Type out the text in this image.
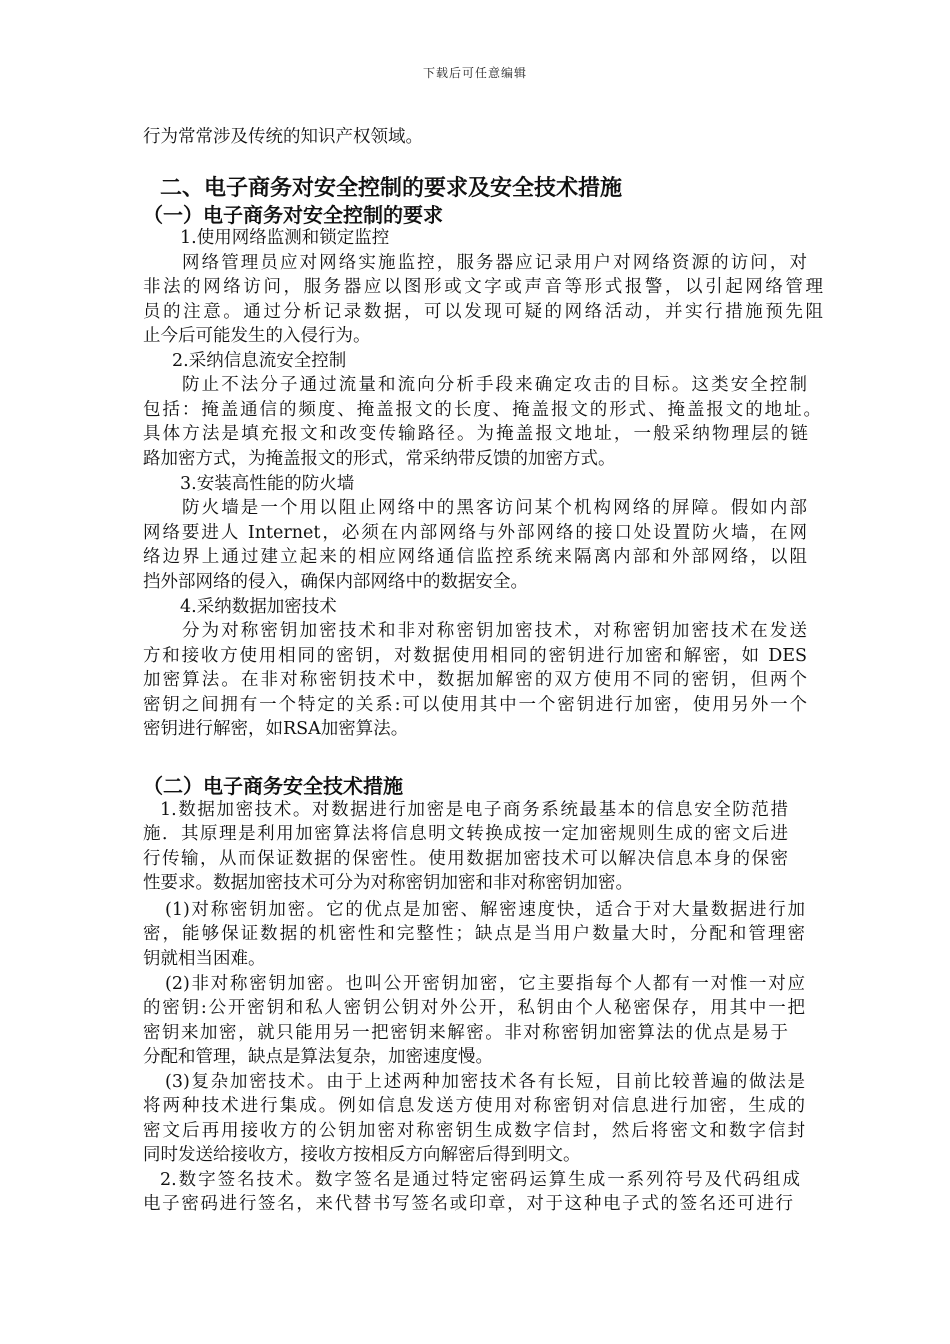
下载后可任意编辑
行为常常涉及传统的知识产权领域。
二、电子商务对安全控制的要求及安全技术措施
（一）电子商务对安全控制的要求
1.使用网络监测和锁定监控
网络管理员应对网络实施监控，服务器应记录用户对网络资源的访问，对
非法的网络访问，服务器应以图形或文字或声音等形式报警，以引起网络管理
员的注意。通过分析记录数据，可以发现可疑的网络活动，并实行措施预先阻
止今后可能发生的入侵行为。
2.采纳信息流安全控制
防止不法分子通过流量和流向分析手段来确定攻击的目标。这类安全控制
包括：掩盖通信的频度、掩盖报文的长度、掩盖报文的形式、掩盖报文的地址。
具体方法是填充报文和改变传输路径。为掩盖报文地址，一般采纳物理层的链
路加密方式，为掩盖报文的形式，常采纳带反馈的加密方式。
3.安装高性能的防火墙
防火墙是一个用以阻止网络中的黑客访问某个机构网络的屏障。假如内部
网络要进人 Internet，必须在内部网络与外部网络的接口处设置防火墙，在网
络边界上通过建立起来的相应网络通信监控系统来隔离内部和外部网络，以阻
挡外部网络的侵入，确保内部网络中的数据安全。
4.采纳数据加密技术
分为对称密钥加密技术和非对称密钥加密技术，对称密钥加密技术在发送
方和接收方使用相同的密钥，对数据使用相同的密钥进行加密和解密，如 DES
加密算法。在非对称密钥技术中，数据加解密的双方使用不同的密钥，但两个
密钥之间拥有一个特定的关系:可以使用其中一个密钥进行加密，使用另外一个
密钥进行解密，如RSA加密算法。
（二）电子商务安全技术措施
1.数据加密技术。对数据进行加密是电子商务系统最基本的信息安全防范措
施．其原理是利用加密算法将信息明文转换成按一定加密规则生成的密文后进
行传输，从而保证数据的保密性。使用数据加密技术可以解决信息本身的保密
性要求。数据加密技术可分为对称密钥加密和非对称密钥加密。
(1)对称密钥加密。它的优点是加密、解密速度快，适合于对大量数据进行加
密，能够保证数据的机密性和完整性；缺点是当用户数量大时，分配和管理密
钥就相当困难。
(2)非对称密钥加密。也叫公开密钥加密，它主要指每个人都有一对惟一对应
的密钥:公开密钥和私人密钥公钥对外公开，私钥由个人秘密保存，用其中一把
密钥来加密，就只能用另一把密钥来解密。非对称密钥加密算法的优点是易于
分配和管理，缺点是算法复杂，加密速度慢。
(3)复杂加密技术。由于上述两种加密技术各有长短，目前比较普遍的做法是
将两种技术进行集成。例如信息发送方使用对称密钥对信息进行加密，生成的
密文后再用接收方的公钥加密对称密钥生成数字信封，然后将密文和数字信封
同时发送给接收方，接收方按相反方向解密后得到明文。
2.数字签名技术。数字签名是通过特定密码运算生成一系列符号及代码组成
电子密码进行签名，来代替书写签名或印章，对于这种电子式的签名还可进行
